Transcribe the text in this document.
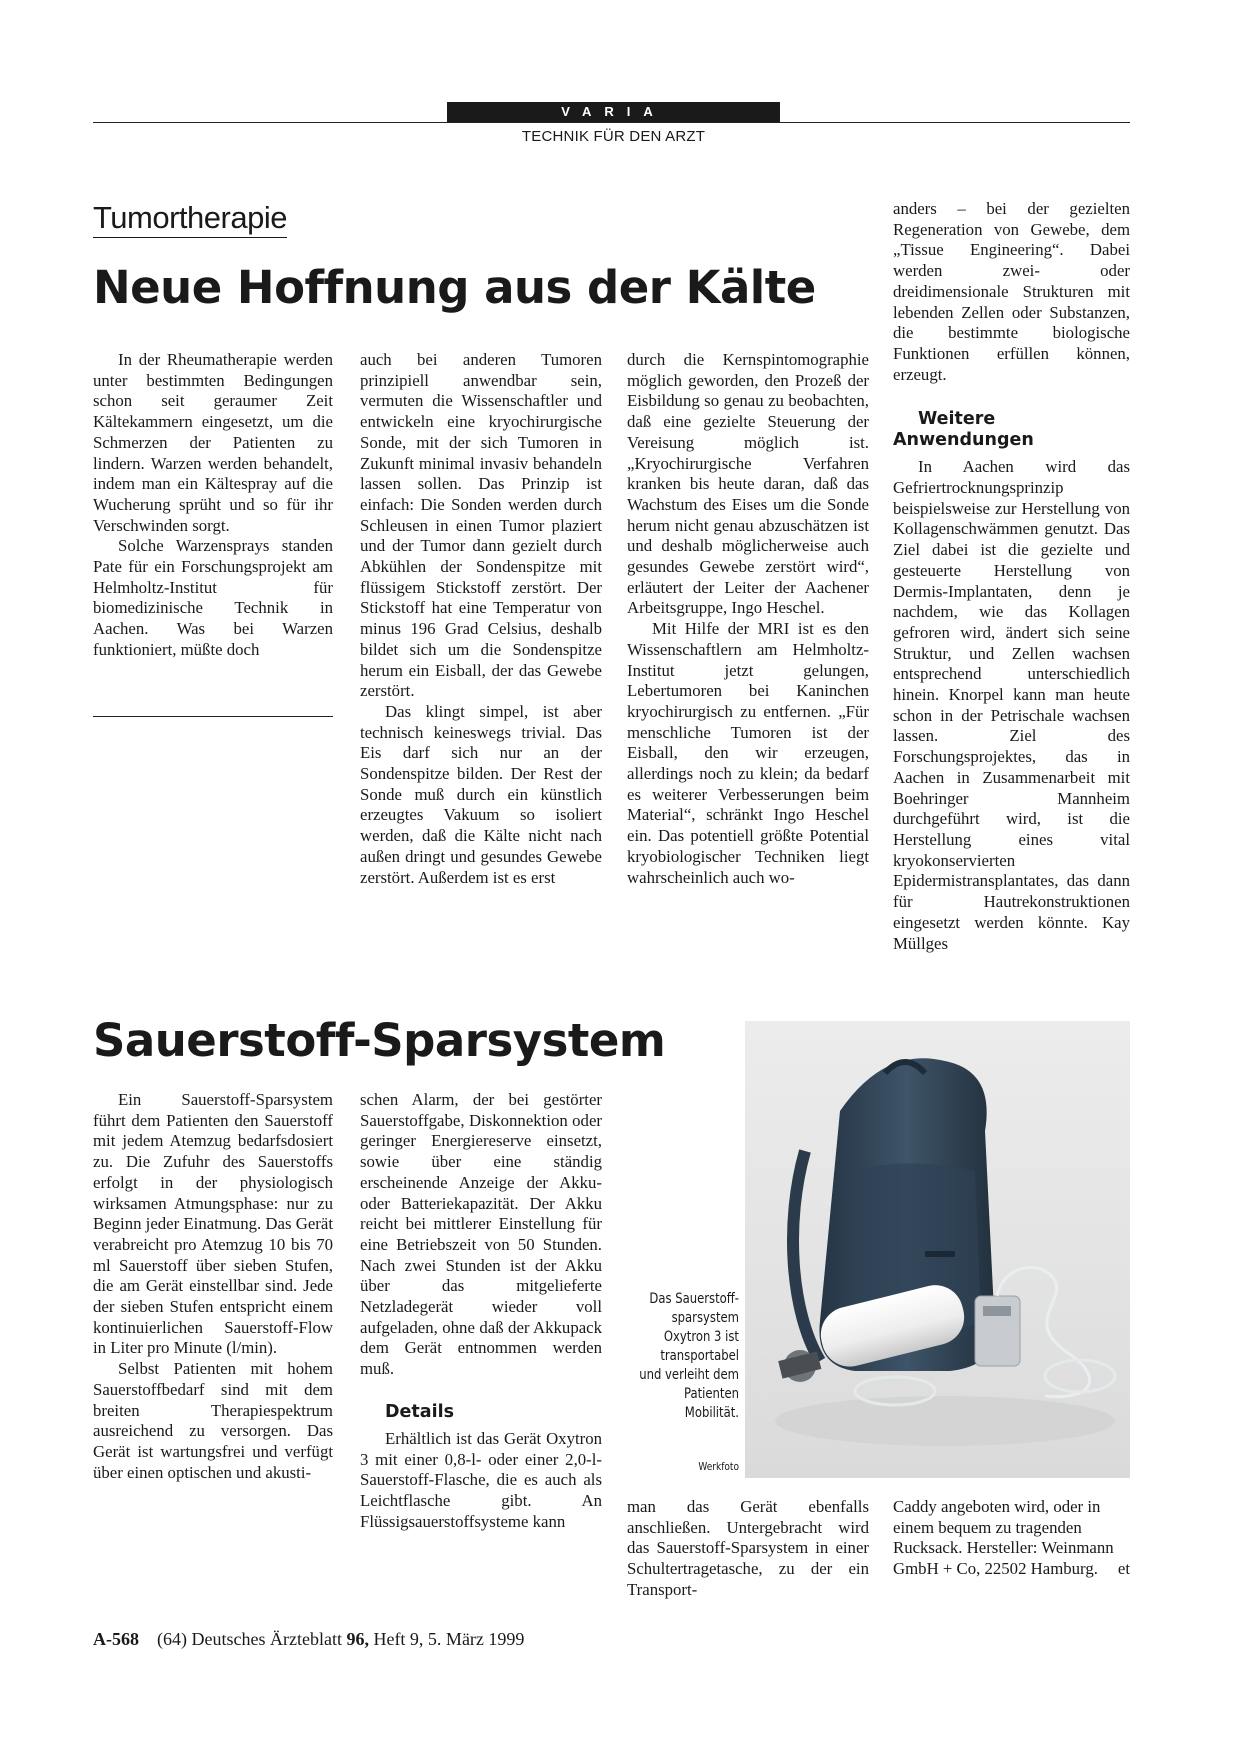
VARIA
TECHNIK FÜR DEN ARZT
Tumortherapie
Neue Hoffnung aus der Kälte

In der Rheumatherapie werden unter bestimmten Bedingungen schon seit geraumer Zeit Kältekammern eingesetzt, um die Schmerzen der Patienten zu lindern. Warzen werden behandelt, indem man ein Kältespray auf die Wucherung sprüht und so für ihr Verschwinden sorgt.

Solche Warzensprays standen Pate für ein Forschungsprojekt am Helmholtz-Institut für biomedizinische Technik in Aachen. Was bei Warzen funktioniert, müßte doch

auch bei anderen Tumoren prinzipiell anwendbar sein, vermuten die Wissenschaftler und entwickeln eine kryochirurgische Sonde, mit der sich Tumoren in Zukunft minimal invasiv behandeln lassen sollen. Das Prinzip ist einfach: Die Sonden werden durch Schleusen in einen Tumor plaziert und der Tumor dann gezielt durch Abkühlen der Sondenspitze mit flüssigem Stickstoff zerstört. Der Stickstoff hat eine Temperatur von minus 196 Grad Celsius, deshalb bildet sich um die Sondenspitze herum ein Eisball, der das Gewebe zerstört.

Das klingt simpel, ist aber technisch keineswegs trivial. Das Eis darf sich nur an der Sondenspitze bilden. Der Rest der Sonde muß durch ein künstlich erzeugtes Vakuum so isoliert werden, daß die Kälte nicht nach außen dringt und gesundes Gewebe zerstört. Außerdem ist es erst

durch die Kernspintomographie möglich geworden, den Prozeß der Eisbildung so genau zu beobachten, daß eine gezielte Steuerung der Vereisung möglich ist. „Kryochirurgische Verfahren kranken bis heute daran, daß das Wachstum des Eises um die Sonde herum nicht genau abzuschätzen ist und deshalb möglicherweise auch gesundes Gewebe zerstört wird“, erläutert der Leiter der Aachener Arbeitsgruppe, Ingo Heschel.

Mit Hilfe der MRI ist es den Wissenschaftlern am Helmholtz-Institut jetzt gelungen, Lebertumoren bei Kaninchen kryochirurgisch zu entfernen. „Für menschliche Tumoren ist der Eisball, den wir erzeugen, allerdings noch zu klein; da bedarf es weiterer Verbesserungen beim Material“, schränkt Ingo Heschel ein. Das potentiell größte Potential kryobiologischer Techniken liegt wahrscheinlich auch wo-

anders – bei der gezielten Regeneration von Gewebe, dem „Tissue Engineering“. Dabei werden zwei- oder dreidimensionale Strukturen mit lebenden Zellen oder Substanzen, die bestimmte biologische Funktionen erfüllen können, erzeugt.

Weitere Anwendungen

In Aachen wird das Gefriertrocknungsprinzip beispielsweise zur Herstellung von Kollagenschwämmen genutzt. Das Ziel dabei ist die gezielte und gesteuerte Herstellung von Dermis-Implantaten, denn je nachdem, wie das Kollagen gefroren wird, ändert sich seine Struktur, und Zellen wachsen entsprechend unterschiedlich hinein. Knorpel kann man heute schon in der Petrischale wachsen lassen. Ziel des Forschungsprojektes, das in Aachen in Zusammenarbeit mit Boehringer Mannheim durchgeführt wird, ist die Herstellung eines vital kryokonservierten Epidermistransplantates, das dann für Hautrekonstruktionen eingesetzt werden könnte. Kay Müllges

Sauerstoff-Sparsystem

Ein Sauerstoff-Sparsystem führt dem Patienten den Sauerstoff mit jedem Atemzug bedarfsdosiert zu. Die Zufuhr des Sauerstoffs erfolgt in der physiologisch wirksamen Atmungsphase: nur zu Beginn jeder Einatmung. Das Gerät verabreicht pro Atemzug 10 bis 70 ml Sauerstoff über sieben Stufen, die am Gerät einstellbar sind. Jede der sieben Stufen entspricht einem kontinuierlichen Sauerstoff-Flow in Liter pro Minute (l/min).

Selbst Patienten mit hohem Sauerstoffbedarf sind mit dem breiten Therapiespektrum ausreichend zu versorgen. Das Gerät ist wartungsfrei und verfügt über einen optischen und akusti-

schen Alarm, der bei gestörter Sauerstoffgabe, Diskonnektion oder geringer Energiereserve einsetzt, sowie über eine ständig erscheinende Anzeige der Akku- oder Batteriekapazität. Der Akku reicht bei mittlerer Einstellung für eine Betriebszeit von 50 Stunden. Nach zwei Stunden ist der Akku über das mitgelieferte Netzladegerät wieder voll aufgeladen, ohne daß der Akkupack dem Gerät entnommen werden muß.

Details

Erhältlich ist das Gerät Oxytron 3 mit einer 0,8-l- oder einer 2,0-l-Sauerstoff-Flasche, die es auch als Leichtflasche gibt. An Flüssigsauerstoffsysteme kann

man das Gerät ebenfalls anschließen. Untergebracht wird das Sauerstoff-Sparsystem in einer Schultertragetasche, zu der ein Transport-

Caddy angeboten wird, oder in einem bequem zu tragenden Rucksack. Hersteller: Weinmann GmbH + Co, 22502 Hamburg. et

Das Sauerstoff-sparsystem Oxytron 3 ist transportabel und verleiht dem Patienten Mobilität.
Werkfoto
A-568 (64) Deutsches Ärzteblatt 96, Heft 9, 5. März 1999
